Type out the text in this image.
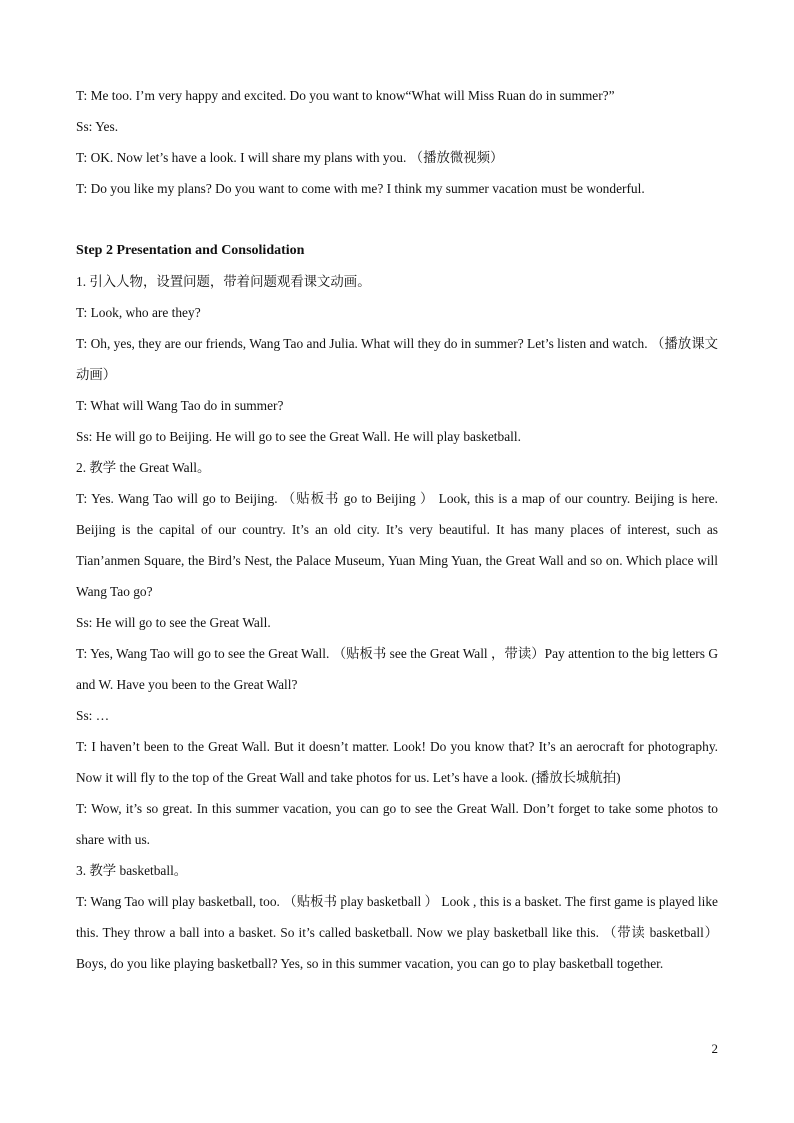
T: Me too. I’m very happy and excited. Do you want to know“What will Miss Ruan do in summer?”
Ss: Yes.
T: OK. Now let’s have a look. I will share my plans with you. （播放微视频）
T: Do you like my plans? Do you want to come with me? I think my summer vacation must be wonderful.
Step 2 Presentation and Consolidation
1. 引入人物，设置问题，带着问题观看课文动画。
T: Look, who are they?
T: Oh, yes, they are our friends, Wang Tao and Julia. What will they do in summer? Let’s listen and watch. （播放课文动画）
T: What will Wang Tao do in summer?
Ss: He will go to Beijing. He will go to see the Great Wall. He will play basketball.
2. 教学 the Great Wall。
T: Yes. Wang Tao will go to Beijing. （贴板书 go to Beijing ） Look, this is a map of our country. Beijing is here. Beijing is the capital of our country. It’s an old city. It’s very beautiful. It has many places of interest, such as Tian’anmen Square, the Bird’s Nest, the Palace Museum, Yuan Ming Yuan, the Great Wall and so on. Which place will Wang Tao go?
Ss: He will go to see the Great Wall.
T: Yes, Wang Tao will go to see the Great Wall. （贴板书 see the Great Wall ，带读）Pay attention to the big letters G and W. Have you been to the Great Wall?
Ss: …
T: I haven’t been to the Great Wall. But it doesn’t matter. Look! Do you know that? It’s an aerocraft for photography. Now it will fly to the top of the Great Wall and take photos for us. Let’s have a look. (播放长城航拍)
T: Wow, it’s so great. In this summer vacation, you can go to see the Great Wall. Don’t forget to take some photos to share with us.
3. 教学 basketball。
T: Wang Tao will play basketball, too. （贴板书 play basketball ） Look , this is a basket. The first game is played like this. They throw a ball into a basket. So it’s called basketball. Now we play basketball like this. （带读 basketball）Boys, do you like playing basketball? Yes, so in this summer vacation, you can go to play basketball together.
2
